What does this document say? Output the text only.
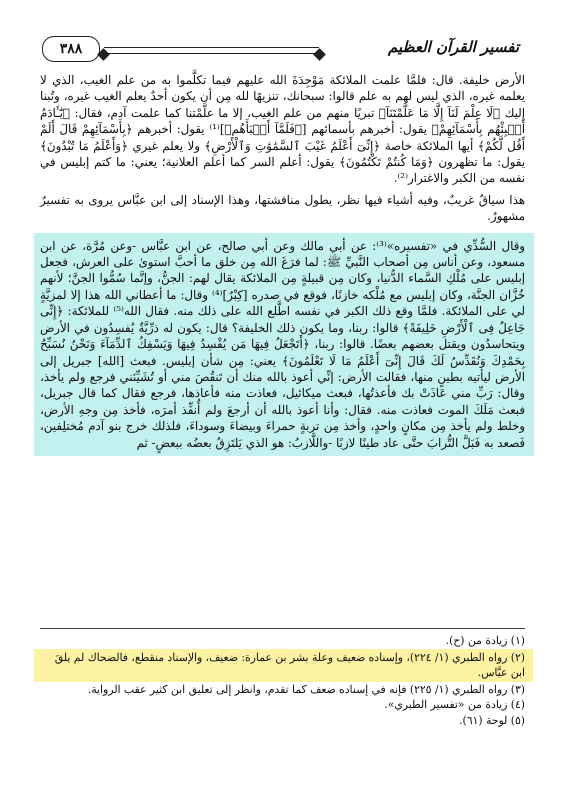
تفسير القرآن العظيم
٣٨٨

الأرض خليفة. قال: فلمَّا علمت الملائكة مَوْجِدَةَ الله عليهم فيما تكلَّموا به من علم الغيب، الذي لا يعلمه غيره، الذي ليس لهم به علم قالوا: سبحانك، تنزيهًا لله مِن أن يكون أحدٌ يعلم الغيب غيره، وتُبنا إليك ﴿لَا عِلْمَ لَنَآ إِلَّا مَا عَلَّمْتَنَآ﴾ تبريًا منهم من علم الغيب، إلا ما علَّمْتنا كما علمت آدم، فقال: ﴿يَٰٓـَٔادَمُ أَنۢبِئْهُم بِأَسْمَآئِهِمْ﴾ يقول: أخبرهم بأسمائهم [﴿فَلَمَّآ أَنۢبَأَهُم﴾]⁽¹⁾ يقول: أخبرهم ﴿بِأَسْمَآئِهِمْ قَالَ أَلَمْ أَقُل لَّكُمْ﴾ أيها الملائكة خاصة ﴿إِنِّىٓ أَعْلَمُ غَيْبَ ٱلسَّمَٰوَٰتِ وَٱلْأَرْضِ﴾ ولا يعلم غيري ﴿وَأَعْلَمُ مَا تُبْدُونَ﴾ يقول: ما تظهرون ﴿وَمَا كُنتُمْ تَكْتُمُونَ﴾ يقول: أعلم السر كما أعلم العلانية؛ يعني: ما كتم إبليس في نفسه من الكبر والاغترار⁽²⁾.

هذا سياقٌ غريبٌ، وفيه أشياء فيها نظر، يطول مناقشتها، وهذا الإسناد إلى ابن عبَّاس يروى به تفسيرٌ مشهورٌ.

وقال السُّدِّي في «تفسيره»⁽³⁾: عن أبي مالك وعن أبي صالح، عن ابن عبَّاس -وعن مُرَّة، عن ابن مسعود، وعن أناس مِن أصحاب النَّبيِّ ﷺ: لما فرَغَ الله مِن خلق ما أحبَّ استوىٰ على العرش، فجعل إبليس على مُلْكِ السَّماء الدُّنيا، وكان مِن قبيلةٍ مِن الملائكة يقال لهم: الجنُّ، وإنَّما سُمُّوا الجنَّ؛ لأنهم خُزَّان الجنَّة، وكان إبليس مع مُلْكه خازنًا، فوقع في صدره [كِبْرٌ]⁽⁴⁾ وقال: ما أعطاني الله هذا إلا لمزيَّةٍ لي على الملائكة. فلمَّا وقع ذلك الكبر في نفسه اطَّلع الله على ذلك منه. فقال الله⁽⁵⁾ للملائكة: ﴿إِنِّى جَاعِلٌ فِى ٱلْأَرْضِ خَلِيفَةً﴾ قالوا: ربنا، وما يكون ذلك الخليفة؟ قال: يكون له ذرِّيَّةٌ يُفسِدُون في الأرض ويتحاسدُون ويقتل بعضهم بعضًا. قالوا: ربنا، ﴿أَتَجْعَلُ فِيهَا مَن يُفْسِدُ فِيهَا وَيَسْفِكُ ٱلدِّمَآءَ وَنَحْنُ نُسَبِّحُ بِحَمْدِكَ وَنُقَدِّسُ لَكَ قَالَ إِنِّىٓ أَعْلَمُ مَا لَا تَعْلَمُونَ﴾ يعني: مِن شأن إبليس. فبعث [الله] جبريل إلى الأرض ليأتيه بطينٍ منها، فقالت الأرض: إنِّي أعوذ بالله منك أن تَنقُصَ مني أو تُشَيِّنَني فرجع ولم يأخذ، وقال: رَبِّ مني عَاذَتْ بك فأعذتُها، فبعث ميكائيل، فعاذت منه فأعاذها، فرجع فقال كما قال جبريل، فبعث مَلَكَ الموت فعاذت منه. فقال: وأنا أعوذ بالله أن أرجعَ ولم أُنفِّذ أمرَه، فأخذ مِن وجهِ الأرض، وخلط ولم يأخذ مِن مكانٍ واحدٍ، وأخذ مِن تربةٍ حمراءَ وبيضاءَ وسوداءَ، فلذلك خرج بنو آدم مُختلِفين، فَصعد به فَبَلَّ التُّرابَ حتَّى عاد طينًا لازبًا -واللَّازبُ: هو الذي يَلتَزِقُ بعضُه ببعضٍ- ثم

(١) زيادة من (ح).

(٢) رواه الطبري (١/ ٢٢٤)، وإسناده ضعيف وعلة بشر بن عمارة: ضعيف، والإسناد منقطع، فالضحاك لم يلقَ ابن عبَّاس.

(٣) رواه الطبري (١/ ٢٢٥) فإنه في إسناده ضعف كما تقدم، وانظر إلى تعليق ابن كثير عقب الرواية.

(٤) زيادة من «تفسير الطبري».

(٥) لوحة (٦١).
